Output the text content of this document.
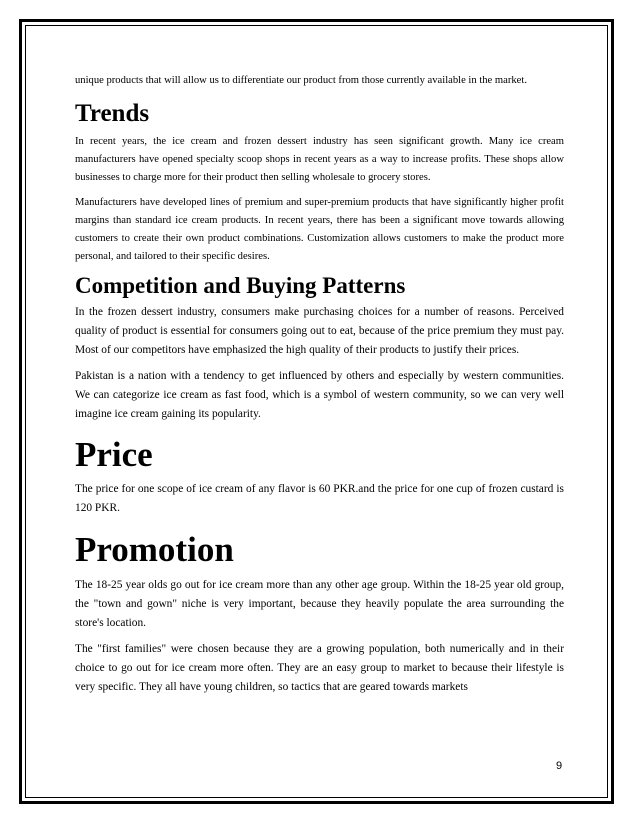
unique products that will allow us to differentiate our product from those currently available in the market.

Trends

In recent years, the ice cream and frozen dessert industry has seen significant growth. Many ice cream manufacturers have opened specialty scoop shops in recent years as a way to increase profits. These shops allow businesses to charge more for their product then selling wholesale to grocery stores.

Manufacturers have developed lines of premium and super-premium products that have significantly higher profit margins than standard ice cream products. In recent years, there has been a significant move towards allowing customers to create their own product combinations. Customization allows customers to make the product more personal, and tailored to their specific desires.

Competition and Buying Patterns

In the frozen dessert industry, consumers make purchasing choices for a number of reasons. Perceived quality of product is essential for consumers going out to eat, because of the price premium they must pay. Most of our competitors have emphasized the high quality of their products to justify their prices.

Pakistan is a nation with a tendency to get influenced by others and especially by western communities. We can categorize ice cream as fast food, which is a symbol of western community, so we can very well imagine ice cream gaining its popularity.

Price

The price for one scope of ice cream of any flavor is 60 PKR.and the price for one cup of frozen custard is 120 PKR.

Promotion

The 18-25 year olds go out for ice cream more than any other age group. Within the 18-25 year old group, the "town and gown" niche is very important, because they heavily populate the area surrounding the store's location.

The "first families" were chosen because they are a growing population, both numerically and in their choice to go out for ice cream more often. They are an easy group to market to because their lifestyle is very specific. They all have young children, so tactics that are geared towards markets

9
